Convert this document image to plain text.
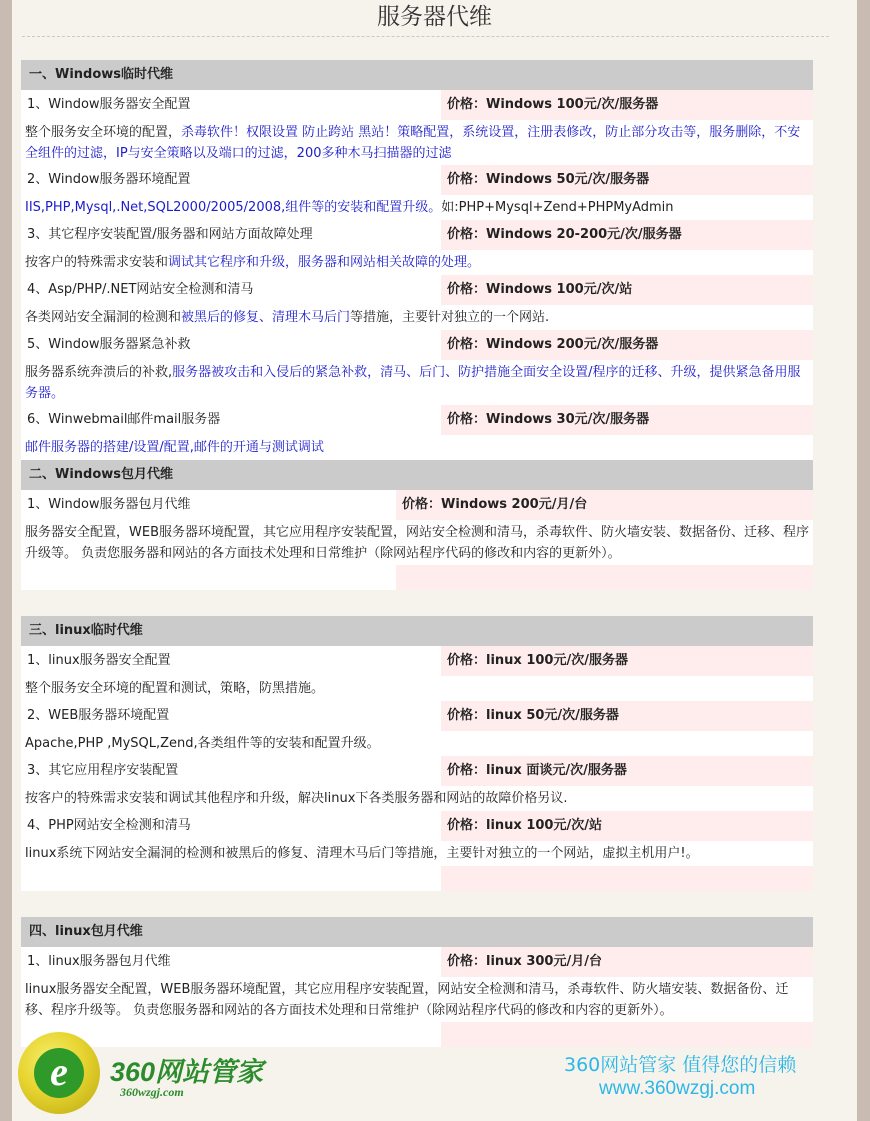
服务器代维
一、Windows临时代维
1、Window服务器安全配置	价格：Windows 100元/次/服务器
整个服务安全环境的配置，杀毒软件！权限设置 防止跨站 黑站！策略配置，系统设置，注册表修改，防止部分攻击等，服务删除，不安全组件的过滤，IP与安全策略以及端口的过滤，200多种木马扫描器的过滤
2、Window服务器环境配置	价格：Windows 50元/次/服务器
IIS,PHP,Mysql,.Net,SQL2000/2005/2008,组件等的安装和配置升级。如:PHP+Mysql+Zend+PHPMyAdmin
3、其它程序安装配置/服务器和网站方面故障处理	价格：Windows 20-200元/次/服务器
按客户的特殊需求安装和调试其它程序和升级，服务器和网站相关故障的处理。
4、Asp/PHP/.NET网站安全检测和清马	价格：Windows 100元/次/站
各类网站安全漏洞的检测和被黑后的修复、清理木马后门等措施，主要针对独立的一个网站.
5、Window服务器紧急补救	价格：Windows 200元/次/服务器
服务器系统奔溃后的补救,服务器被攻击和入侵后的紧急补救，清马、后门、防护措施全面安全设置/程序的迁移、升级，提供紧急备用服务器。
6、Winwebmail邮件mail服务器	价格：Windows 30元/次/服务器
邮件服务器的搭建/设置/配置,邮件的开通与测试调试
二、Windows包月代维
1、Window服务器包月代维	价格：Windows 200元/月/台
服务器安全配置，WEB服务器环境配置，其它应用程序安装配置，网站安全检测和清马，杀毒软件、防火墙安装、数据备份、迁移、程序升级等。 负责您服务器和网站的各方面技术处理和日常维护（除网站程序代码的修改和内容的更新外）。
三、linux临时代维
1、linux服务器安全配置	价格：linux 100元/次/服务器
整个服务安全环境的配置和测试，策略，防黑措施。
2、WEB服务器环境配置	价格：linux 50元/次/服务器
Apache,PHP ,MySQL,Zend,各类组件等的安装和配置升级。
3、其它应用程序安装配置	价格：linux 面谈元/次/服务器
按客户的特殊需求安装和调试其他程序和升级，解决linux下各类服务器和网站的故障价格另议.
4、PHP网站安全检测和清马	价格：linux 100元/次/站
linux系统下网站安全漏洞的检测和被黑后的修复、清理木马后门等措施，主要针对独立的一个网站，虚拟主机用户!。
四、linux包月代维
1、linux服务器包月代维	价格：linux 300元/月/台
linux服务器安全配置，WEB服务器环境配置，其它应用程序安装配置，网站安全检测和清马，杀毒软件、防火墙安装、数据备份、迁移、程序升级等。 负责您服务器和网站的各方面技术处理和日常维护（除网站程序代码的修改和内容的更新外）。
e	360网站管家
360wzgj.com
360网站管家 值得您的信赖
www.360wzgj.com
